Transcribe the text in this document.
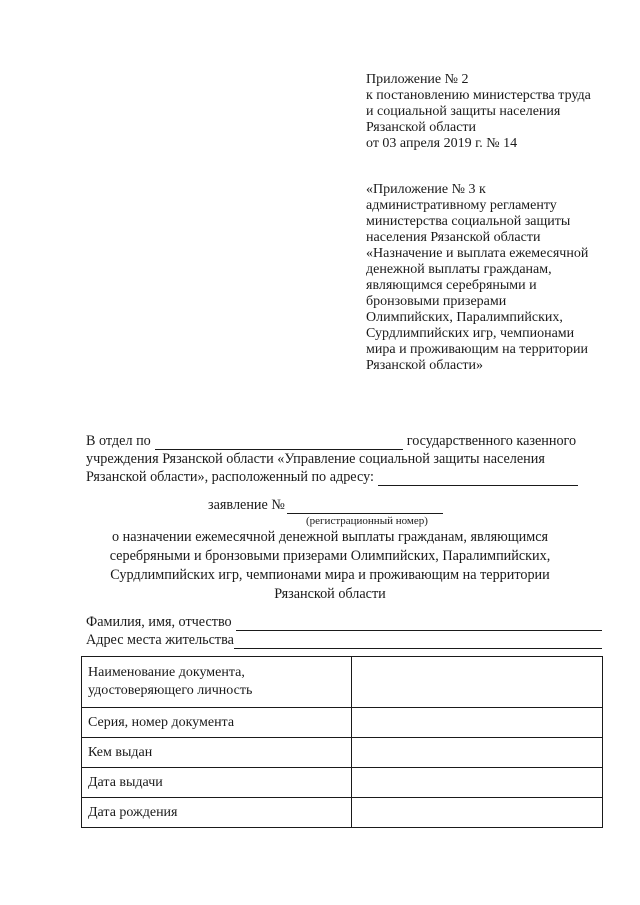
Приложение № 2
к постановлению министерства труда
и социальной защиты населения
Рязанской области
от 03 апреля 2019 г. № 14
«Приложение № 3 к
административному регламенту
министерства социальной защиты
населения Рязанской области
«Назначение и выплата ежемесячной
денежной выплаты гражданам,
являющимся серебряными и
бронзовыми призерами
Олимпийских, Паралимпийских,
Сурдлимпийских игр, чемпионами
мира и проживающим на территории
Рязанской области»
В отдел по	государственного казенного
учреждения Рязанской области «Управление социальной защиты населения
Рязанской области», расположенный по адресу:
заявление №
(регистрационный номер)
о назначении ежемесячной денежной выплаты гражданам, являющимся
серебряными и бронзовыми призерами Олимпийских, Паралимпийских,
Сурдлимпийских игр, чемпионами мира и проживающим на территории
Рязанской области
Фамилия, имя, отчество
Адрес места жительства
Наименование документа,
удостоверяющего личность	

Серия, номер документа	
Кем выдан	
Дата выдачи	
Дата рождения	
